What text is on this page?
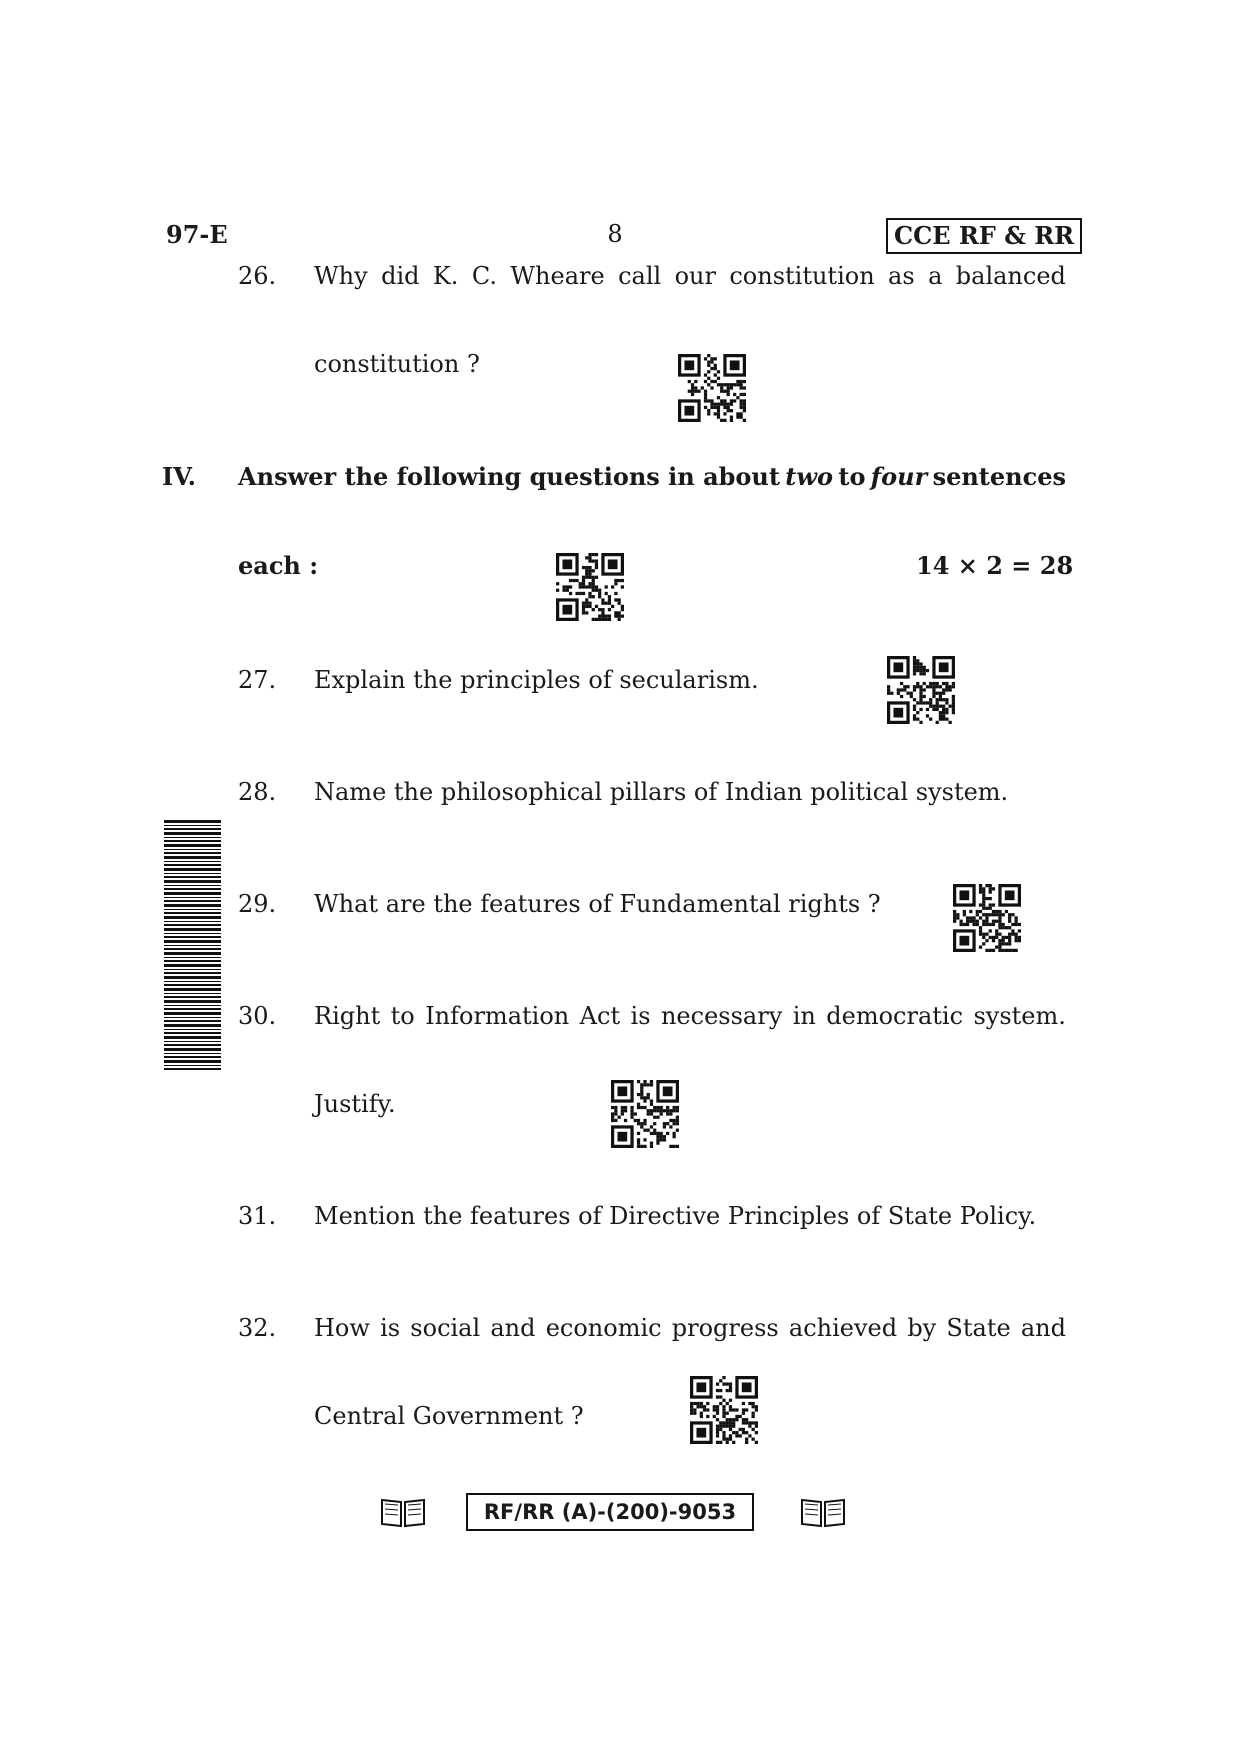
97-E	8	CCE RF & RR
26. Why did K. C. Wheare call our constitution as a balanced
constitution ?
IV. Answer the following questions in about two to four sentences
each :	14 × 2 = 28
27. Explain the principles of secularism.
28. Name the philosophical pillars of Indian political system.
29. What are the features of Fundamental rights ?
30. Right to Information Act is necessary in democratic system.
Justify.
31. Mention the features of Directive Principles of State Policy.
32. How is social and economic progress achieved by State and
Central Government ?
RF/RR (A)-(200)-9053
